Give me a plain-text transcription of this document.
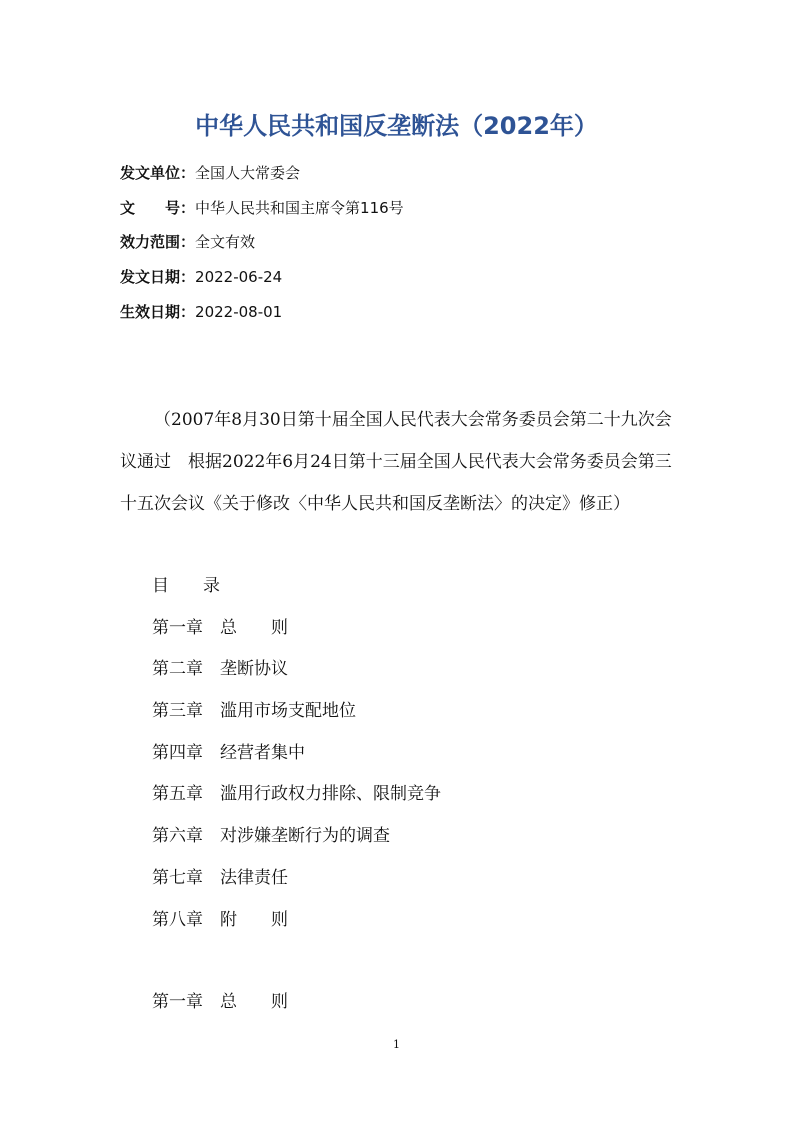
中华人民共和国反垄断法（2022年）
发文单位：全国人大常委会
文　　号：中华人民共和国主席令第116号
效力范围：全文有效
发文日期：2022-06-24
生效日期：2022-08-01

（2007年8月30日第十届全国人民代表大会常务委员会第二十九次会议通过　根据2022年6月24日第十三届全国人民代表大会常务委员会第三十五次会议《关于修改〈中华人民共和国反垄断法〉的决定》修正）

目　　录
第一章　总　　则
第二章　垄断协议
第三章　滥用市场支配地位
第四章　经营者集中
第五章　滥用行政权力排除、限制竞争
第六章　对涉嫌垄断行为的调查
第七章　法律责任
第八章　附　　则
第一章　总　　则
1
